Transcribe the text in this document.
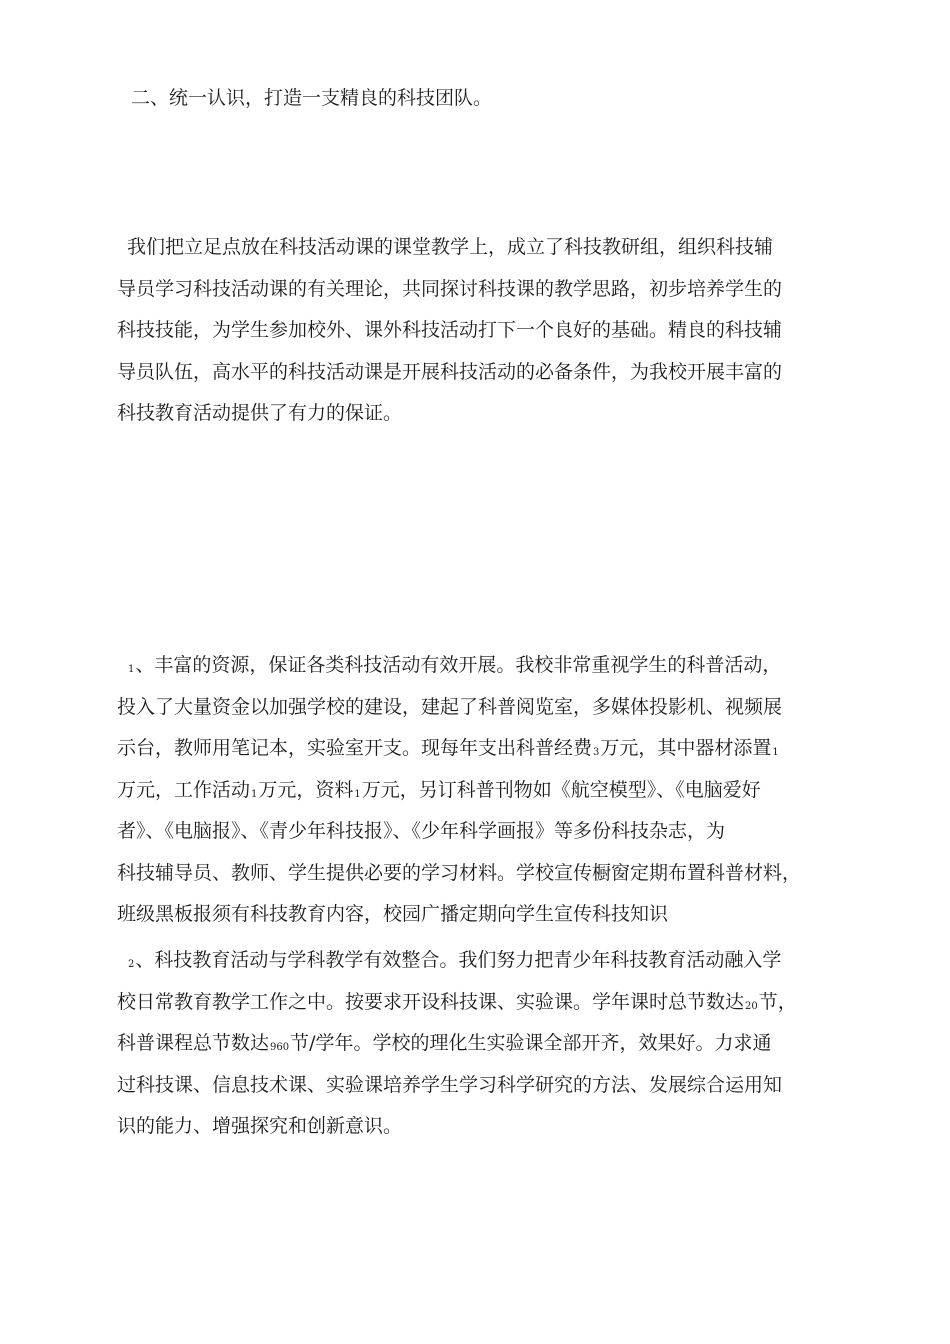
二、统一认识，打造一支精良的科技团队。
我们把立足点放在科技活动课的课堂教学上，成立了科技教研组，组织科技辅
导员学习科技活动课的有关理论，共同探讨科技课的教学思路，初步培养学生的
科技技能，为学生参加校外、课外科技活动打下一个良好的基础。精良的科技辅
导员队伍，高水平的科技活动课是开展科技活动的必备条件，为我校开展丰富的
科技教育活动提供了有力的保证。
1、丰富的资源，保证各类科技活动有效开展。我校非常重视学生的科普活动，
投入了大量资金以加强学校的建设，建起了科普阅览室，多媒体投影机、视频展
示台，教师用笔记本，实验室开支。现每年支出科普经费3万元，其中器材添置1
万元，工作活动1万元，资料1万元，另订科普刊物如《航空模型》、《电脑爱好
者》、《电脑报》、《青少年科技报》、《少年科学画报》等多份科技杂志，为
科技辅导员、教师、学生提供必要的学习材料。学校宣传橱窗定期布置科普材料，
班级黑板报须有科技教育内容，校园广播定期向学生宣传科技知识
2、科技教育活动与学科教学有效整合。我们努力把青少年科技教育活动融入学
校日常教育教学工作之中。按要求开设科技课、实验课。学年课时总节数达20节，
科普课程总节数达960节/学年。学校的理化生实验课全部开齐，效果好。力求通
过科技课、信息技术课、实验课培养学生学习科学研究的方法、发展综合运用知
识的能力、增强探究和创新意识。
